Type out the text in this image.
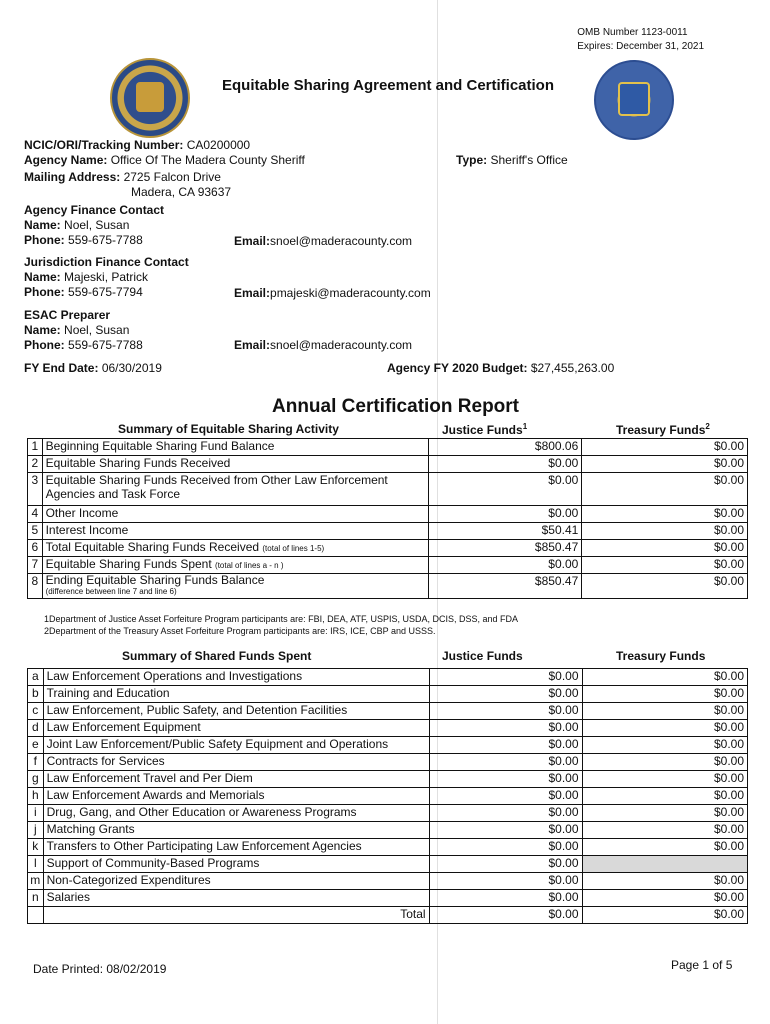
OMB Number 1123-0011
Expires: December 31, 2021
Equitable Sharing Agreement and Certification
NCIC/ORI/Tracking Number: CA0200000
Agency Name: Office Of The Madera County Sheriff
Mailing Address: 2725 Falcon Drive
Madera, CA 93637
Type: Sheriff's Office
Agency Finance Contact
Name: Noel, Susan
Phone: 559-675-7788	Email:snoel@maderacounty.com
Jurisdiction Finance Contact
Name: Majeski, Patrick
Phone: 559-675-7794	Email:pmajeski@maderacounty.com
ESAC Preparer
Name: Noel, Susan
Phone: 559-675-7788	Email:snoel@maderacounty.com
FY End Date: 06/30/2019	Agency FY 2020 Budget: $27,455,263.00
Annual Certification Report
Summary of Equitable Sharing Activity	Justice Funds$^1$	Treasury Funds$^2$
1	Beginning Equitable Sharing Fund Balance	$800.06	$0.00
2	Equitable Sharing Funds Received	$0.00	$0.00
3	Equitable Sharing Funds Received from Other Law Enforcement Agencies and Task Force	$0.00	$0.00
4	Other Income	$0.00	$0.00
5	Interest Income	$50.41	$0.00
6	Total Equitable Sharing Funds Received (total of lines 1-5)	$850.47	$0.00
7	Equitable Sharing Funds Spent (total of lines a - n )	$0.00	$0.00
8	Ending Equitable Sharing Funds Balance
(difference between line 7 and line 6)	$850.47	$0.00
1Department of Justice Asset Forfeiture Program participants are: FBI, DEA, ATF, USPIS, USDA, DCIS, DSS, and FDA
2Department of the Treasury Asset Forfeiture Program participants are: IRS, ICE, CBP and USSS.
Summary of Shared Funds Spent	Justice Funds	Treasury Funds
a	Law Enforcement Operations and Investigations	$0.00	$0.00
b	Training and Education	$0.00	$0.00
c	Law Enforcement, Public Safety, and Detention Facilities	$0.00	$0.00
d	Law Enforcement Equipment	$0.00	$0.00
e	Joint Law Enforcement/Public Safety Equipment and Operations	$0.00	$0.00
f	Contracts for Services	$0.00	$0.00
g	Law Enforcement Travel and Per Diem	$0.00	$0.00
h	Law Enforcement Awards and Memorials	$0.00	$0.00
i	Drug, Gang, and Other Education or Awareness Programs	$0.00	$0.00
j	Matching Grants	$0.00	$0.00
k	Transfers to Other Participating Law Enforcement Agencies	$0.00	$0.00
l	Support of Community-Based Programs	$0.00	
m	Non-Categorized Expenditures	$0.00	$0.00
n	Salaries	$0.00	$0.00
	Total	$0.00	$0.00
Date Printed: 08/02/2019	Page 1 of 5
